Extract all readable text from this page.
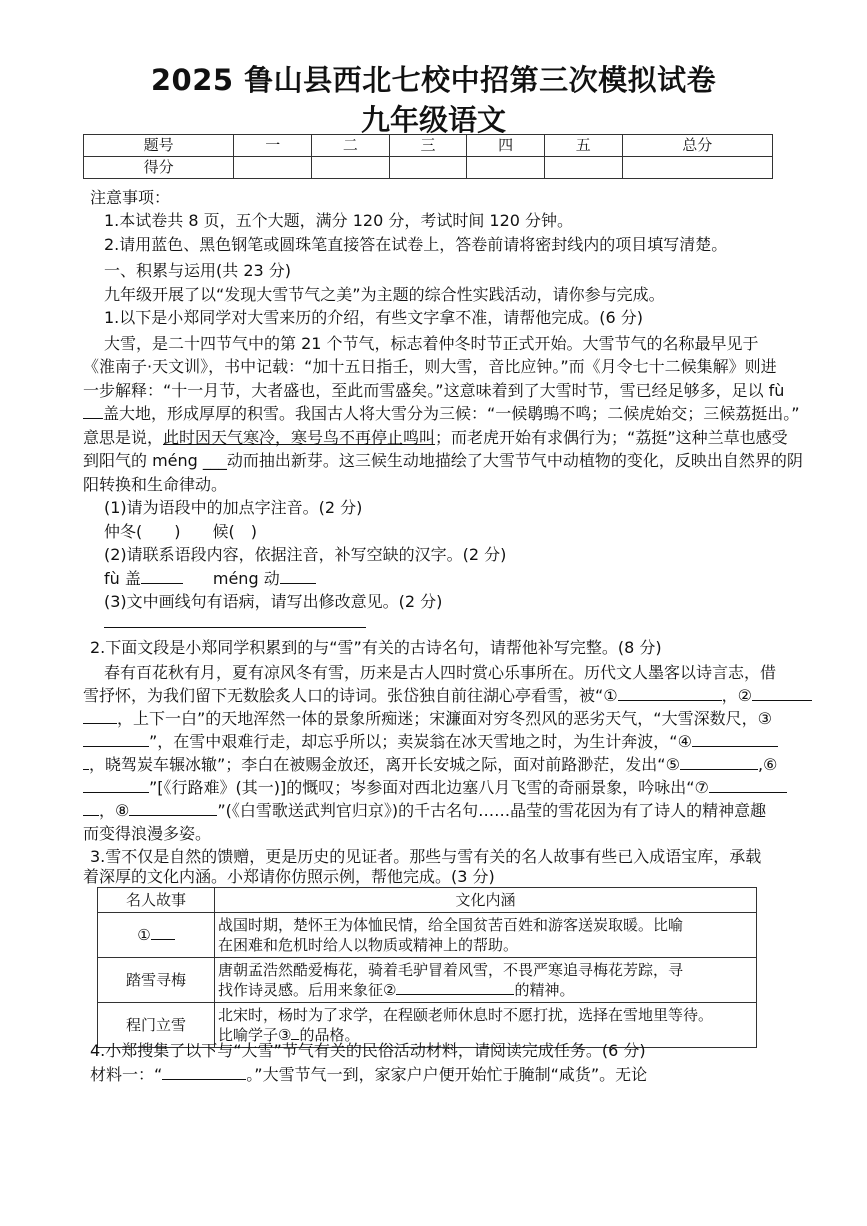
2025 鲁山县西北七校中招第三次模拟试卷
九年级语文
题号	一	二	三	四	五	总分
得分						
注意事项：
1.本试卷共 8 页，五个大题，满分 120 分，考试时间 120 分钟。
2.请用蓝色、黑色钢笔或圆珠笔直接答在试卷上，答卷前请将密封线内的项目填写清楚。
一、积累与运用(共 23 分)
九年级开展了以“发现大雪节气之美”为主题的综合性实践活动，请你参与完成。
1.以下是小郑同学对大雪来历的介绍，有些文字拿不准，请帮他完成。(6 分)
大雪，是二十四节气中的第 21 个节气，标志着仲冬时节正式开始。大雪节气的名称最早见于
《淮南子·天文训》，书中记载：“加十五日指壬，则大雪，音比应钟。”而《月令七十二候集解》则进
一步解释：“十一月节，大者盛也，至此而雪盛矣。”这意味着到了大雪时节，雪已经足够多，足以 fù
盖大地，形成厚厚的积雪。我国古人将大雪分为三候：“一候鹖鴠不鸣；二候虎始交；三候荔挺出。”
意思是说，此时因天气寒冷，寒号鸟不再停止鸣叫；而老虎开始有求偶行为；“荔挺”这种兰草也感受
到阳气的 méng ___动而抽出新芽。这三候生动地描绘了大雪节气中动植物的变化，反映出自然界的阴
阳转换和生命律动。
(1)请为语段中的加点字注音。(2 分)
仲冬(　　)　　候(　)
(2)请联系语段内容，依据注音，补写空缺的汉字。(2 分)
fù 盖	méng 动
(3)文中画线句有语病，请写出修改意见。(2 分)
2.下面文段是小郑同学积累到的与“雪”有关的古诗名句，请帮他补写完整。(8 分)
春有百花秋有月，夏有凉风冬有雪，历来是古人四时赏心乐事所在。历代文人墨客以诗言志，借
雪抒怀，为我们留下无数脍炙人口的诗词。张岱独自前往湖心亭看雪，被“①	，②
，上下一白”的天地浑然一体的景象所痴迷；宋濂面对穷冬烈风的恶劣天气，“大雪深数尺，③
”，在雪中艰难行走，却忘乎所以；卖炭翁在冰天雪地之时，为生计奔波，“④
，晓驾炭车辗冰辙”；李白在被赐金放还，离开长安城之际，面对前路渺茫，发出“⑤	,⑥
”[《行路难》(其一)]的慨叹；岑参面对西北边塞八月飞雪的奇丽景象，吟咏出“⑦
，⑧	”(《白雪歌送武判官归京》)的千古名句……晶莹的雪花因为有了诗人的精神意趣
而变得浪漫多姿。
3.雪不仅是自然的馈赠，更是历史的见证者。那些与雪有关的名人故事有些已入成语宝库，承载
着深厚的文化内涵。小郑请你仿照示例，帮他完成。(3 分)
名人故事	文化内涵
①	战国时期，楚怀王为体恤民情，给全国贫苦百姓和游客送炭取暖。比喻
在困难和危机时给人以物质或精神上的帮助。

踏雪寻梅	唐朝孟浩然酷爱梅花，骑着毛驴冒着风雪，不畏严寒追寻梅花芳踪，寻
找作诗灵感。后用来象征② 的精神。

程门立雪	北宋时，杨时为了求学，在程颐老师休息时不愿打扰，选择在雪地里等待。
比喻学子③ 的品格。
4.小郑搜集了以下与“大雪”节气有关的民俗活动材料，请阅读完成任务。(6 分)
材料一：“	。”大雪节气一到，家家户户便开始忙于腌制“咸货”。无论
